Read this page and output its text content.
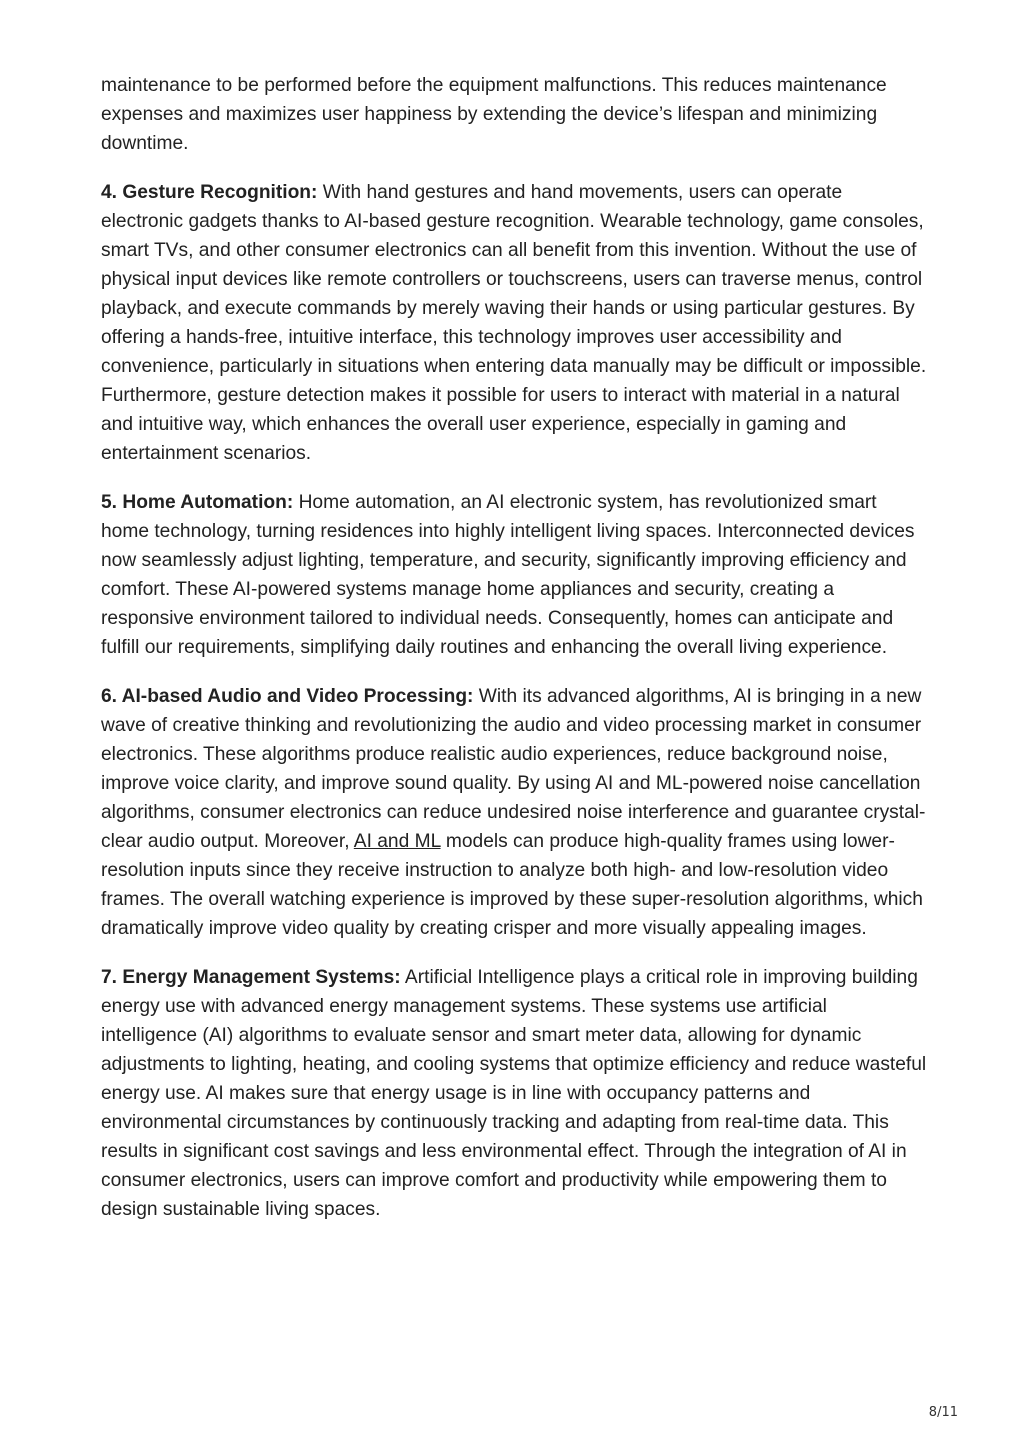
maintenance to be performed before the equipment malfunctions. This reduces maintenance expenses and maximizes user happiness by extending the device’s lifespan and minimizing downtime.

4. Gesture Recognition: With hand gestures and hand movements, users can operate electronic gadgets thanks to AI-based gesture recognition. Wearable technology, game consoles, smart TVs, and other consumer electronics can all benefit from this invention. Without the use of physical input devices like remote controllers or touchscreens, users can traverse menus, control playback, and execute commands by merely waving their hands or using particular gestures. By offering a hands-free, intuitive interface, this technology improves user accessibility and convenience, particularly in situations when entering data manually may be difficult or impossible. Furthermore, gesture detection makes it possible for users to interact with material in a natural and intuitive way, which enhances the overall user experience, especially in gaming and entertainment scenarios.

5. Home Automation: Home automation, an AI electronic system, has revolutionized smart home technology, turning residences into highly intelligent living spaces. Interconnected devices now seamlessly adjust lighting, temperature, and security, significantly improving efficiency and comfort. These AI-powered systems manage home appliances and security, creating a responsive environment tailored to individual needs. Consequently, homes can anticipate and fulfill our requirements, simplifying daily routines and enhancing the overall living experience.

6. AI-based Audio and Video Processing: With its advanced algorithms, AI is bringing in a new wave of creative thinking and revolutionizing the audio and video processing market in consumer electronics. These algorithms produce realistic audio experiences, reduce background noise, improve voice clarity, and improve sound quality. By using AI and ML-powered noise cancellation algorithms, consumer electronics can reduce undesired noise interference and guarantee crystal-clear audio output. Moreover, AI and ML models can produce high-quality frames using lower-resolution inputs since they receive instruction to analyze both high- and low-resolution video frames. The overall watching experience is improved by these super-resolution algorithms, which dramatically improve video quality by creating crisper and more visually appealing images.

7. Energy Management Systems: Artificial Intelligence plays a critical role in improving building energy use with advanced energy management systems. These systems use artificial intelligence (AI) algorithms to evaluate sensor and smart meter data, allowing for dynamic adjustments to lighting, heating, and cooling systems that optimize efficiency and reduce wasteful energy use. AI makes sure that energy usage is in line with occupancy patterns and environmental circumstances by continuously tracking and adapting from real-time data. This results in significant cost savings and less environmental effect. Through the integration of AI in consumer electronics, users can improve comfort and productivity while empowering them to design sustainable living spaces.

8/11
